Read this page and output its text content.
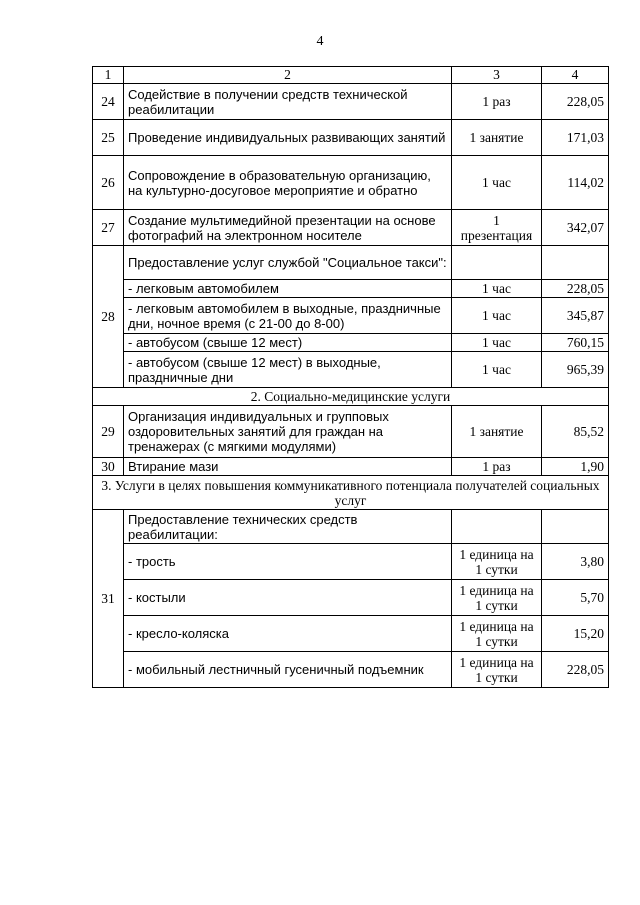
4
1	2	3	4
24	Содействие в получении средств технической реабилитации	1 раз	228,05
25	Проведение индивидуальных развивающих занятий	1 занятие	171,03
26	Сопровождение в образовательную организацию, на культурно-досуговое мероприятие и обратно	1 час	114,02
27	Создание мультимедийной презентации на основе фотографий на электронном носителе	1 презентация	342,07
28	Предоставление услуг службой "Социальное такси":		
	- легковым автомобилем	1 час	228,05
	- легковым автомобилем в выходные, праздничные дни, ночное время (с 21-00 до 8-00)	1 час	345,87
	- автобусом (свыше 12 мест)	1 час	760,15
	- автобусом (свыше 12 мест) в выходные, праздничные дни	1 час	965,39
2. Социально-медицинские услуги			
29	Организация индивидуальных и групповых оздоровительных занятий для граждан на тренажерах (с мягкими модулями)	1 занятие	85,52
30	Втирание мази	1 раз	1,90
3. Услуги в целях повышения коммуникативного потенциала получателей социальных услуг			
31	Предоставление технических средств реабилитации:		
	- трость	1 единица на 1 сутки	3,80
	- костыли	1 единица на 1 сутки	5,70
	- кресло-коляска	1 единица на 1 сутки	15,20
	- мобильный лестничный гусеничный подъемник	1 единица на 1 сутки	228,05
